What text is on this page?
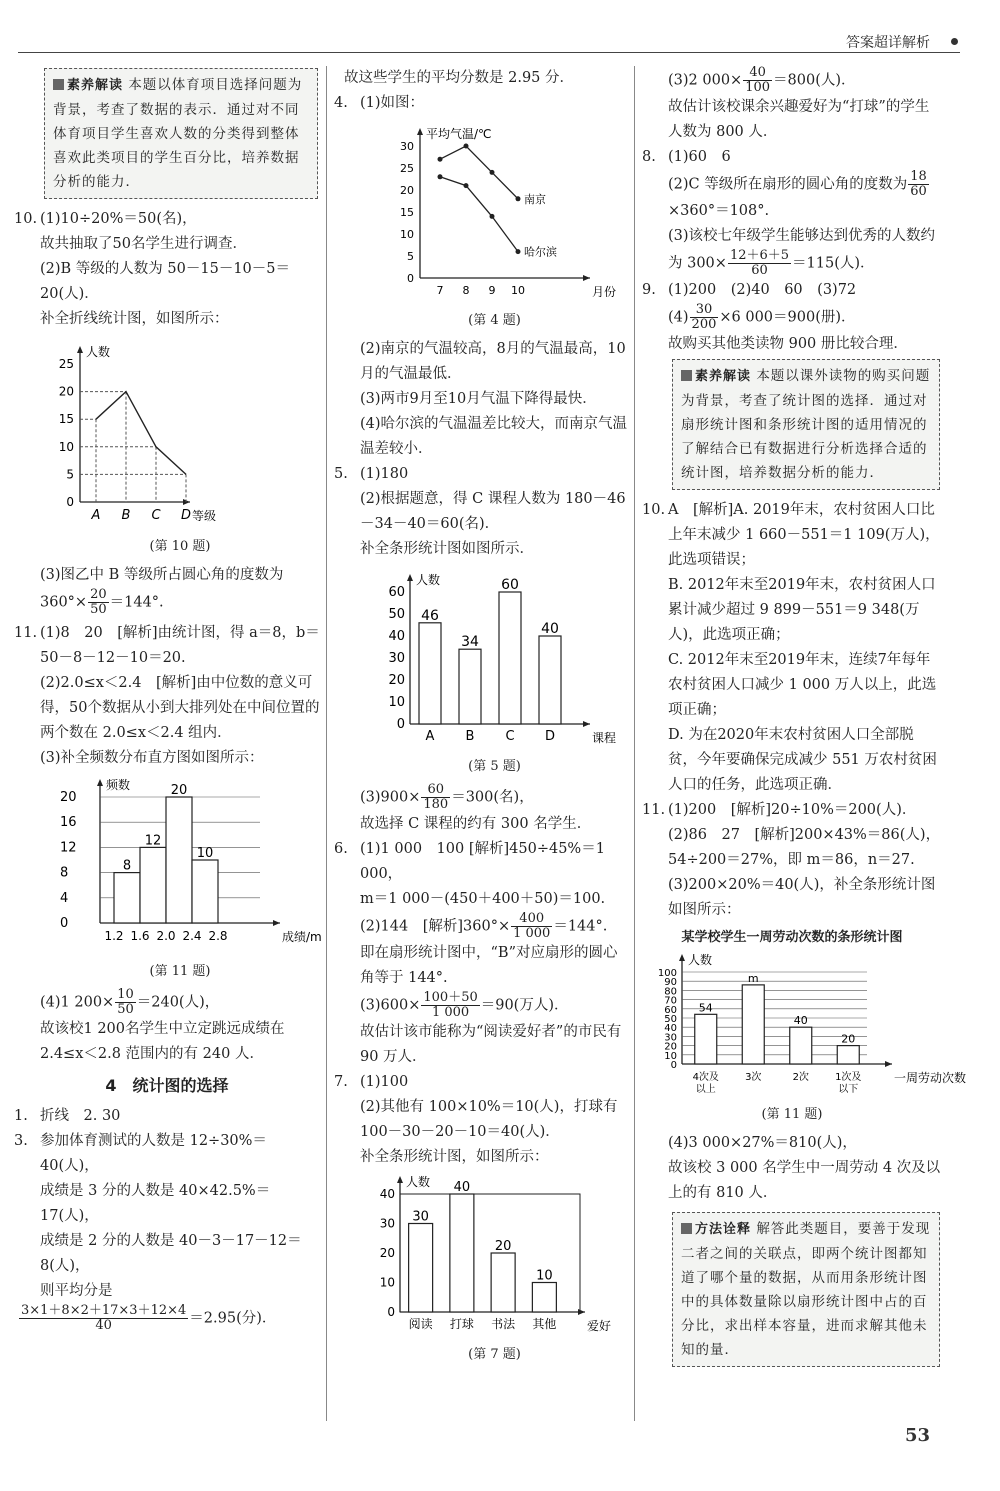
答案超详解析
素养解读 本题以体育项目选择问题为背景，考查了数据的表示．通过对不同体育项目学生喜欢人数的分类得到整体喜欢此类项目的学生百分比，培养数据分析的能力．

10. (1)10÷20%＝50(名)，

故共抽取了50名学生进行调查．

(2)B 等级的人数为 50－15－10－5＝20(人)．

补全折线统计图，如图所示：

人数
等级
0
5
10
15
20
25
A B C D

(第 10 题)

(3)图乙中 B 等级所占圆心角的度数为 $360^\circ\times \frac{20}{50} =144^\circ$.

11. (1)8　20　[解析]由统计图，得 a＝8，b＝50－8－12－10＝20.

(2)2.0≤x＜2.4　[解析]由中位数的意义可得，50个数据从小到大排列处在中间位置的两个数在 2.0≤x＜2.4 组内．

(3)补全频数分布直方图如图所示：

频数
成绩/m
0
4
8
12
16
20
1.2 1.6 2.0 2.4 2.8
8
12
20
10

(第 11 题)

(4)1 $200\times \frac{10}{50} =240$(人)，

故该校1 200名学生中立定跳远成绩在 2.4≤x＜2.8 范围内的有 240 人．

4　统计图的选择

1. 折线　2. 30

3. 参加体育测试的人数是 12÷30%＝40(人)，

成绩是 3 分的人数是 40×42.5%＝17(人)，

成绩是 2 分的人数是 40－3－17－12＝8(人)，

则平均分是

$\frac{3\times 1+8\times 2+17\times 3+12\times 4}{40} =2.95$(分)．

故这些学生的平均分数是 2.95 分．

4. (1)如图：

平均气温/℃
月份
0
5
10
15
20
25
30
7 8 9 10
南京
哈尔滨

(第 4 题)

(2)南京的气温较高，8月的气温最高，10月的气温最低．

(3)两市9月至10月气温下降得最快．

(4)哈尔滨的气温温差比较大，而南京气温温差较小．

5. (1)180

(2)根据题意，得 C 课程人数为 180－46－34－40＝60(名)．

补全条形统计图如图所示．

人数
课程
0
10
20
30
40
50
60
46
A
34
B
60
C
40
D

(第 5 题)

$(3)900\times \frac{60}{180} =300$(名)，

故选择 C 课程的约有 300 名学生．

6. (1)1 000　100 [解析]450÷45%＝1 000，

m＝1 000－(450＋400＋50)＝100.

(2)144　[解析]$360^\circ\times \frac{400}{1 000} =144^\circ$.

即在扇形统计图中，“B”对应扇形的圆心角等于 144°.

$(3)600\times \frac{100+50}{1 000} =90$(万人)．

故估计该市能称为“阅读爱好者”的市民有 90 万人．

7. (1)100

(2)其他有 100×10%＝10(人)，打球有 100－30－20－10＝40(人)．

补全条形统计图，如图所示：

人数
爱好
0
10
20
30
40
30
阅读
40
打球
20
书法
10
其他

(第 7 题)

(3)2 $000\times \frac{40}{100} =800$(人)．

故估计该校课余兴趣爱好为“打球”的学生人数为 800 人．

8. (1)60　6

(2)C 等级所在扇形的圆心角的度数为 $\frac{18}{60}$
×360°＝108°.

(3)该校七年级学生能够达到优秀的人数约为 $300\times \frac{12+6+5}{60} =115$(人)．

9. (1)200　(2)40　60　(3)72

$(4) \frac{30}{200} \times 6$ 000＝900(册)．

故购买其他类读物 900 册比较合理．

素养解读 本题以课外读物的购买问题为背景，考查了统计图的选择．通过对扇形统计图和条形统计图的适用情况的了解结合已有数据进行分析选择合适的统计图，培养数据分析的能力．

10. A　[解析]A. 2019年末，农村贫困人口比上年末减少 1 660－551＝1 109(万人)，此选项错误；

B. 2012年末至2019年末，农村贫困人口累计减少超过 9 899－551＝9 348(万人)，此选项正确；

C. 2012年末至2019年末，连续7年每年农村贫困人口减少 1 000 万人以上，此选项正确；

D. 为在2020年末农村贫困人口全部脱贫，今年要确保完成减少 551 万农村贫困人口的任务，此选项正确．

11. (1)200　[解析]20÷10%＝200(人)．

(2)86　27　[解析]200×43%＝86(人)，54÷200＝27%，即 m＝86，n＝27.

(3)200×20%＝40(人)，补全条形统计图如图所示：

某学校学生一周劳动次数的条形统计图

人数
一周劳动次数
0
10
20
30
40
50
60
70
80
90
100
54
4次及
以上
m
3次
40
2次
20
1次及
以下

(第 11 题)

(4)3 000×27%＝810(人)，

故该校 3 000 名学生中一周劳动 4 次及以上的有 810 人．

方法诠释 解答此类题目，要善于发现二者之间的关联点，即两个统计图都知道了哪个量的数据，从而用条形统计图中的具体数量除以扇形统计图中占的百分比，求出样本容量，进而求解其他未知的量．
53
